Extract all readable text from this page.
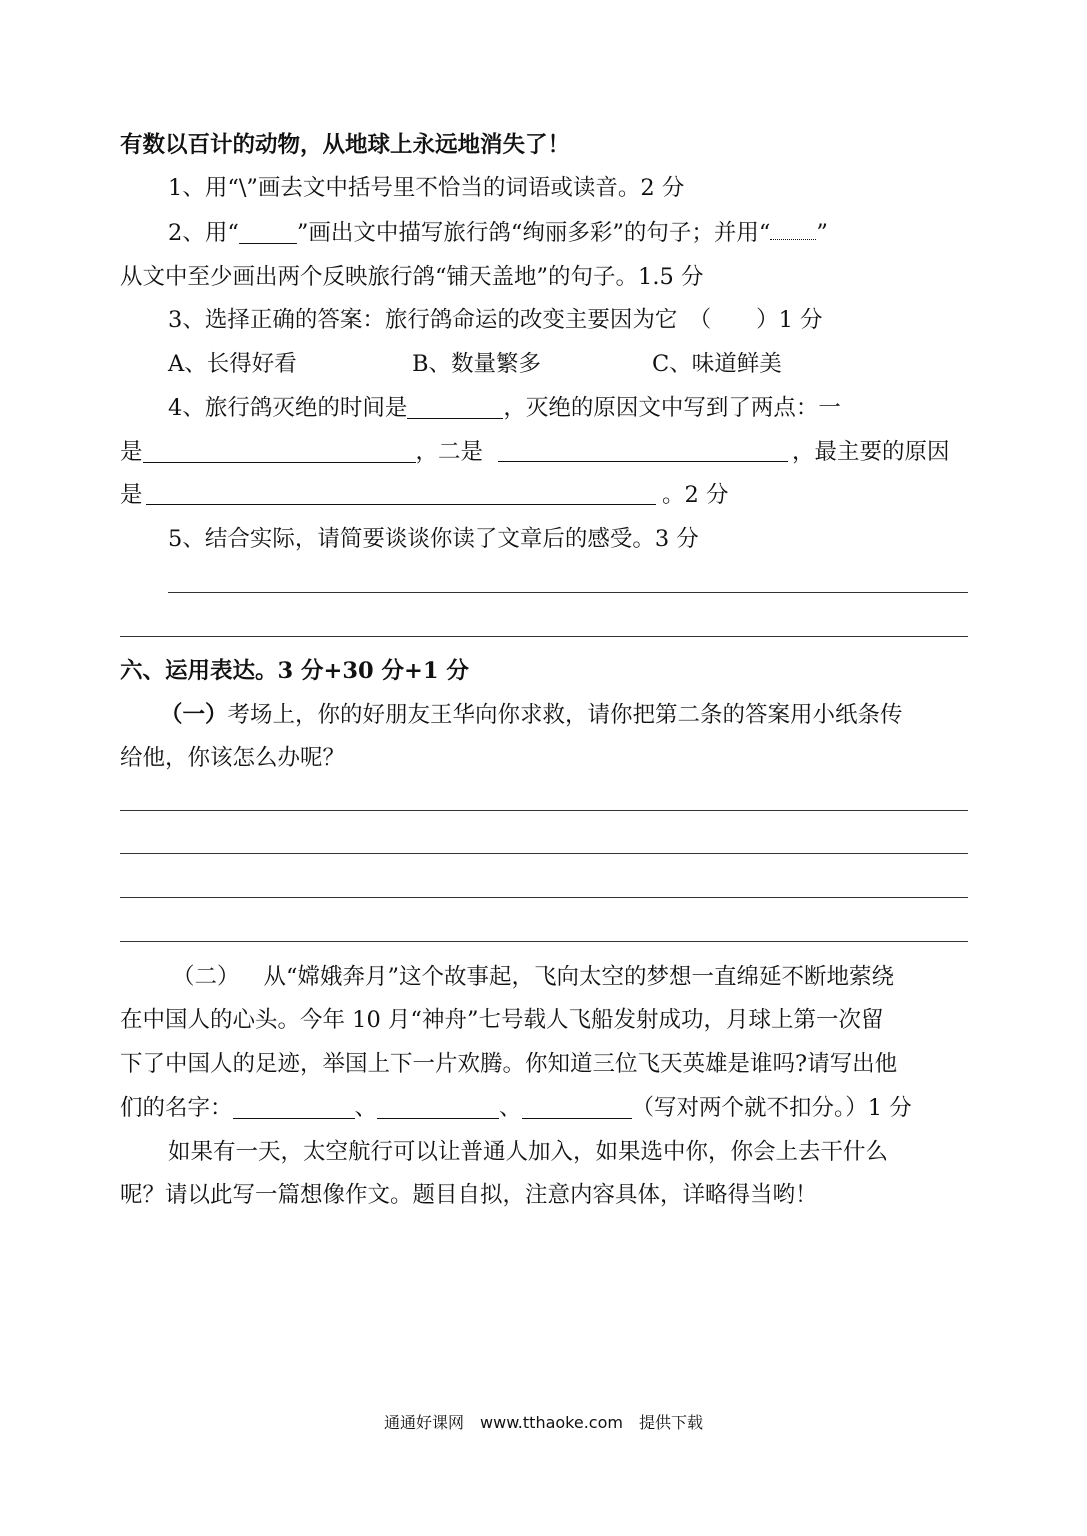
有数以百计的动物，从地球上永远地消失了！
1、用“\”画去文中括号里不恰当的词语或读音。2 分
2、用“	”画出文中描写旅行鸽“绚丽多彩”的句子；并用“ ”
从文中至少画出两个反映旅行鸽“铺天盖地”的句子。1.5 分
3、选择正确的答案：旅行鸽命运的改变主要因为它　（　　）1 分
A、长得好看	B、数量繁多	C、味道鲜美
4、旅行鸽灭绝的时间是	，灭绝的原因文中写到了两点：一
是	，二是	，最主要的原因
是	。2 分
5、结合实际，请简要谈谈你读了文章后的感受。3 分
六、运用表达。3 分+30 分+1 分
（一）考场上，你的好朋友王华向你求救，请你把第二条的答案用小纸条传
给他，你该怎么办呢？
（二） 从“嫦娥奔月”这个故事起，飞向太空的梦想一直绵延不断地萦绕
在中国人的心头。今年 10 月“神舟”七号载人飞船发射成功，月球上第一次留
下了中国人的足迹，举国上下一片欢腾。你知道三位飞天英雄是谁吗?请写出他
们的名字：	、	、	（写对两个就不扣分。）1 分
如果有一天，太空航行可以让普通人加入，如果选中你，你会上去干什么
呢？请以此写一篇想像作文。题目自拟，注意内容具体，详略得当哟！
通通好课网　www.tthaoke.com　提供下载
